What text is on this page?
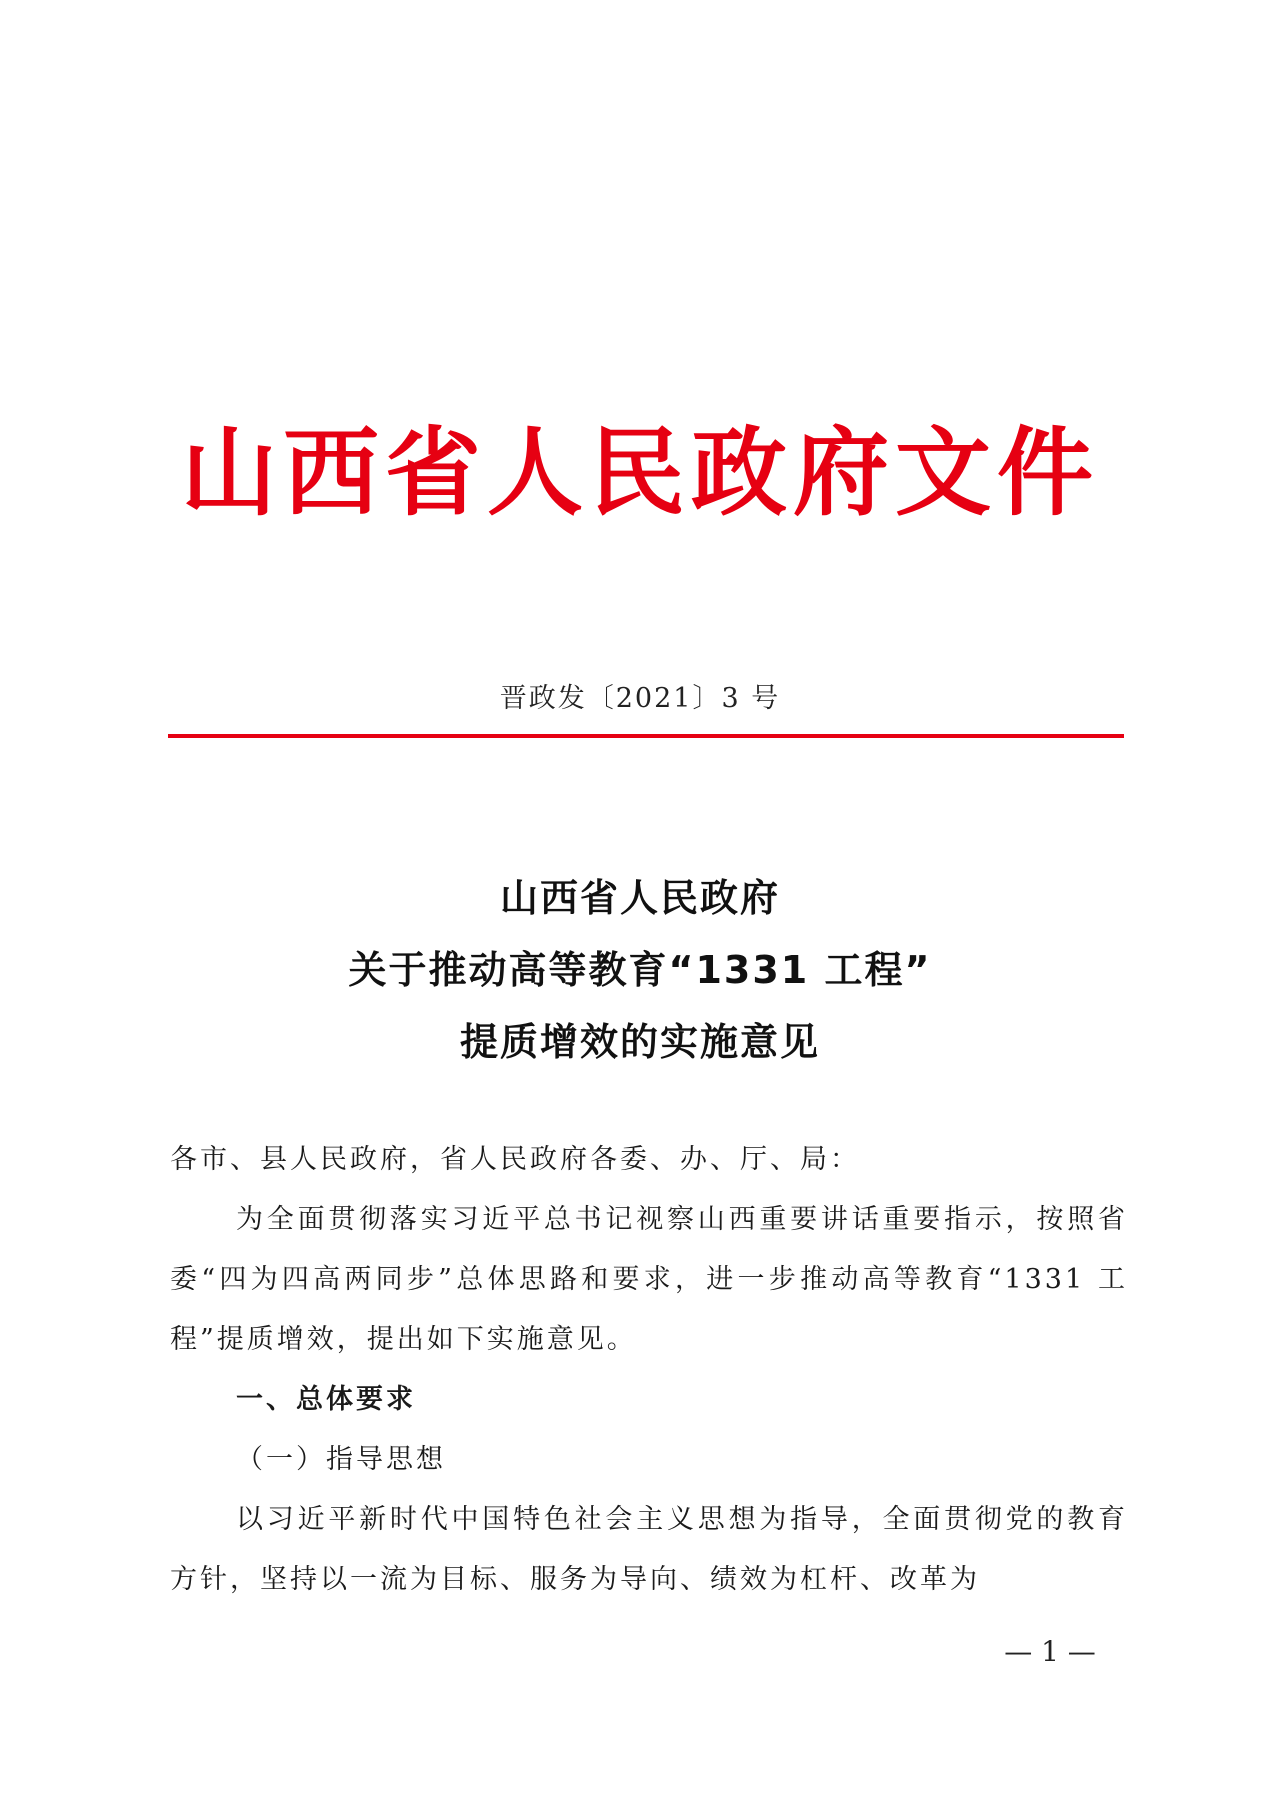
山西省人民政府文件
晋政发〔2021〕3 号
山西省人民政府
关于推动高等教育“1331 工程”
提质增效的实施意见

各市、县人民政府，省人民政府各委、办、厅、局：

为全面贯彻落实习近平总书记视察山西重要讲话重要指示，按照省委“四为四高两同步”总体思路和要求，进一步推动高等教育“1331 工程”提质增效，提出如下实施意见。

一、总体要求

（一）指导思想

以习近平新时代中国特色社会主义思想为指导，全面贯彻党的教育方针，坚持以一流为目标、服务为导向、绩效为杠杆、改革为

— 1 —
